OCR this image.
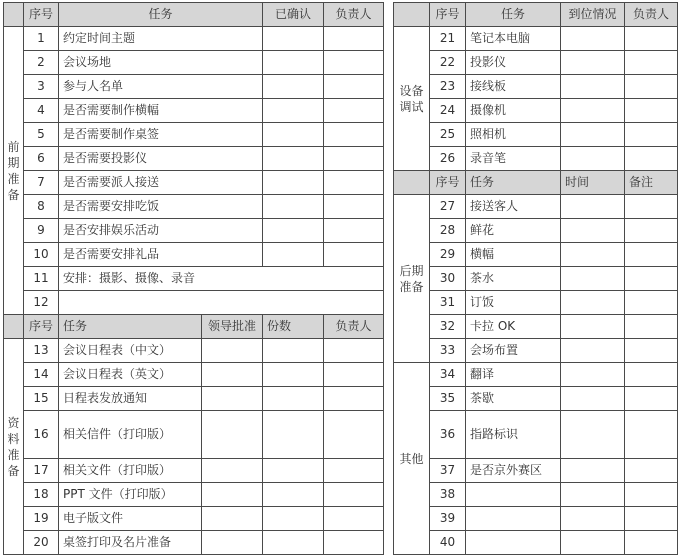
	序号	任务		已确认	负责人
前期准备	1	约定时间主题			
	2	会议场地			
	3	参与人名单			
	4	是否需要制作横幅			
	5	是否需要制作桌签			
	6	是否需要投影仪			
	7	是否需要派人接送			
	8	是否需要安排吃饭			
	9	是否安排娱乐活动			
	10	是否需要安排礼品			
	11	安排：摄影、摄像、录音			
	12				
	序号	任务	领导批准	份数	负责人
资料准备	13	会议日程表（中文）			
	14	会议日程表（英文）			
	15	日程表发放通知			
	16	相关信件（打印版）			
	17	相关文件（打印版）			
	18	PPT 文件（打印版）			
	19	电子版文件			
	20	桌签打印及名片准备			
	序号	任务	到位情况	负责人
设备调试	21	笔记本电脑		
	22	投影仪		
	23	接线板		
	24	摄像机		
	25	照相机		
	26	录音笔		
	序号	任务	时间	备注
后期准备	27	接送客人		
	28	鲜花		
	29	横幅		
	30	茶水		
	31	订饭		
	32	卡拉 OK		
	33	会场布置		
其他	34	翻译		
	35	茶歇		
	36	指路标识		
	37	是否京外赛区		
	38			
	39			
	40			
